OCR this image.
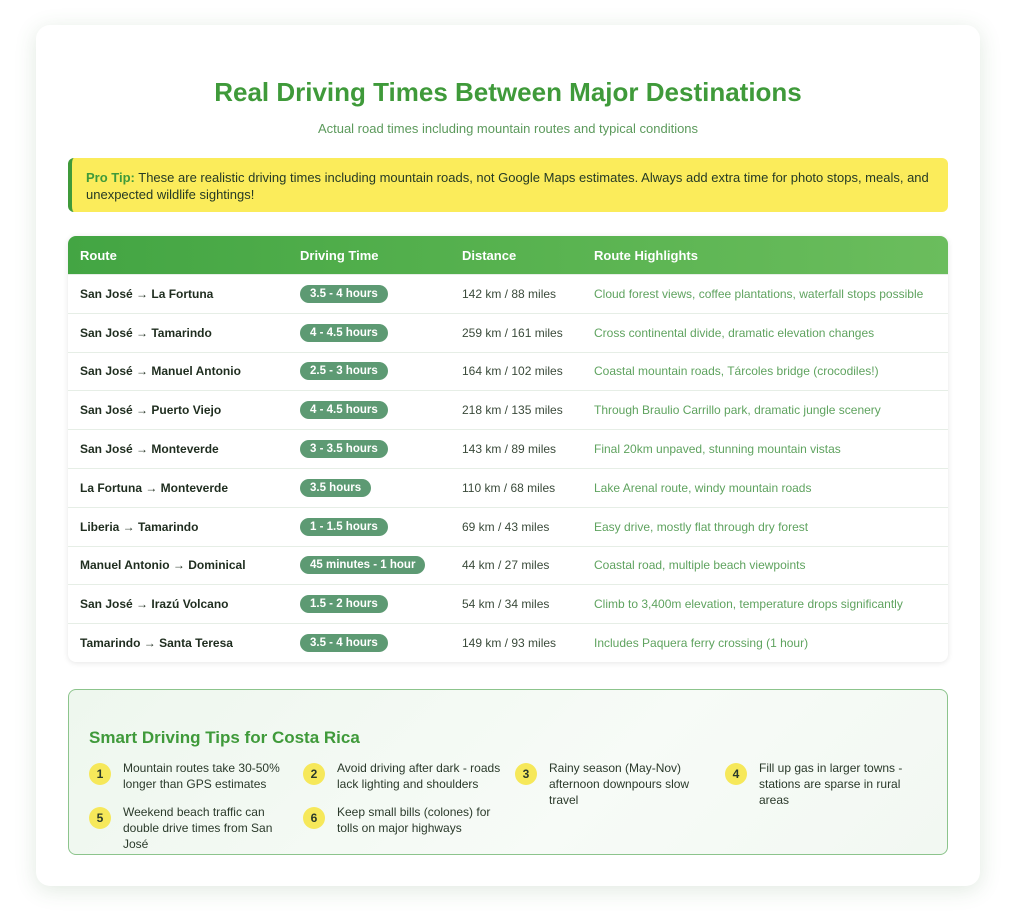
Real Driving Times Between Major Destinations

Actual road times including mountain routes and typical conditions

Pro Tip: These are realistic driving times including mountain roads, not Google Maps estimates. Always add extra time for photo stops, meals, and unexpected wildlife sightings!
Route	Driving Time	Distance	Route Highlights
San José → La Fortuna	3.5 - 4 hours	142 km / 88 miles	Cloud forest views, coffee plantations, waterfall stops possible
San José → Tamarindo	4 - 4.5 hours	259 km / 161 miles	Cross continental divide, dramatic elevation changes
San José → Manuel Antonio	2.5 - 3 hours	164 km / 102 miles	Coastal mountain roads, Tárcoles bridge (crocodiles!)
San José → Puerto Viejo	4 - 4.5 hours	218 km / 135 miles	Through Braulio Carrillo park, dramatic jungle scenery
San José → Monteverde	3 - 3.5 hours	143 km / 89 miles	Final 20km unpaved, stunning mountain vistas
La Fortuna → Monteverde	3.5 hours	110 km / 68 miles	Lake Arenal route, windy mountain roads
Liberia → Tamarindo	1 - 1.5 hours	69 km / 43 miles	Easy drive, mostly flat through dry forest
Manuel Antonio → Dominical	45 minutes - 1 hour	44 km / 27 miles	Coastal road, multiple beach viewpoints
San José → Irazú Volcano	1.5 - 2 hours	54 km / 34 miles	Climb to 3,400m elevation, temperature drops significantly
Tamarindo → Santa Teresa	3.5 - 4 hours	149 km / 93 miles	Includes Paquera ferry crossing (1 hour)
Smart Driving Tips for Costa Rica
1	Mountain routes take 30-50% longer than GPS estimates
2	Avoid driving after dark - roads lack lighting and shoulders
3	Rainy season (May-Nov) afternoon downpours slow travel
4	Fill up gas in larger towns - stations are sparse in rural areas
5	Weekend beach traffic can double drive times from San José
6	Keep small bills (colones) for tolls on major highways
